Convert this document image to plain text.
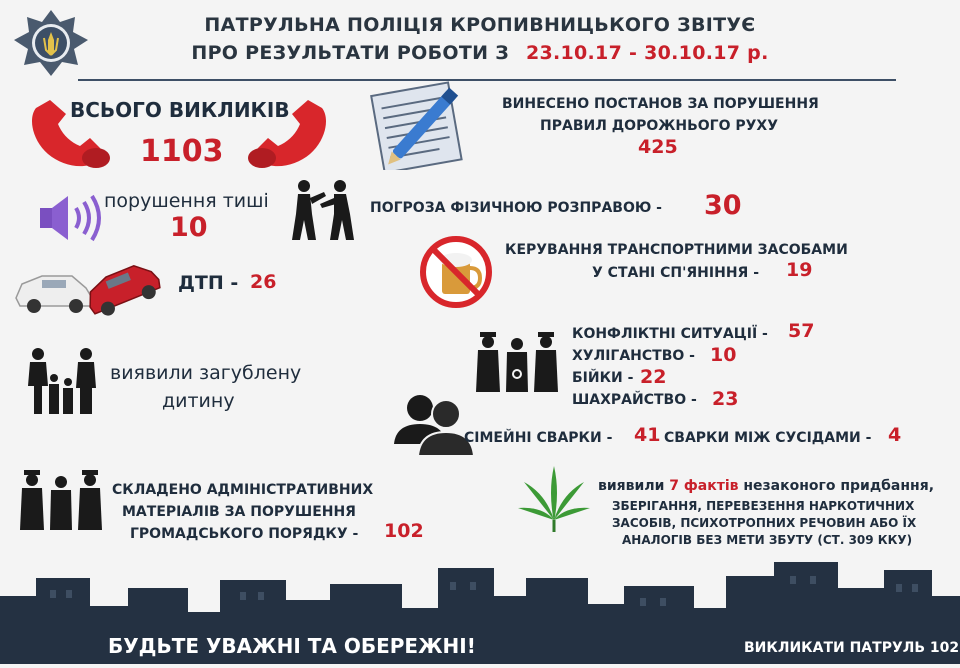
ПАТРУЛЬНА ПОЛІЦІЯ КРОПИВНИЦЬКОГО ЗВІТУЄ
ПРО РЕЗУЛЬТАТИ РОБОТИ З 23.10.17 - 30.10.17 р.
ВСЬОГО ВИКЛИКІВ
1103
ВИНЕСЕНО ПОСТАНОВ ЗА ПОРУШЕННЯ
ПРАВИЛ ДОРОЖНЬОГО РУХУ
425
порушення тиші
10
ПОГРОЗА ФІЗИЧНОЮ РОЗПРАВОЮ - 30
КЕРУВАННЯ ТРАНСПОРТНИМИ ЗАСОБАМИ
У СТАНІ СП'ЯНІННЯ - 19
ДТП - 26
виявили загублену
дитину
КОНФЛІКТНІ СИТУАЦІЇ - 57
ХУЛІГАНСТВО - 10
БІЙКИ - 22
ШАХРАЙСТВО - 23
СІМЕЙНІ СВАРКИ - 41 СВАРКИ МІЖ СУСІДАМИ - 4
СКЛАДЕНО АДМІНІСТРАТИВНИХ
МАТЕРІАЛІВ ЗА ПОРУШЕННЯ
ГРОМАДСЬКОГО ПОРЯДКУ - 102
виявили 7 фактів незаконого придбання,
ЗБЕРІГАННЯ, ПЕРЕВЕЗЕННЯ НАРКОТИЧНИХ
ЗАСОБІВ, ПСИХОТРОПНИХ РЕЧОВИН АБО ЇХ
АНАЛОГІВ БЕЗ МЕТИ ЗБУТУ (СТ. 309 ККУ)
БУДЬТЕ УВАЖНІ ТА ОБЕРЕЖНІ!	ВИКЛИКАТИ ПАТРУЛЬ 102
